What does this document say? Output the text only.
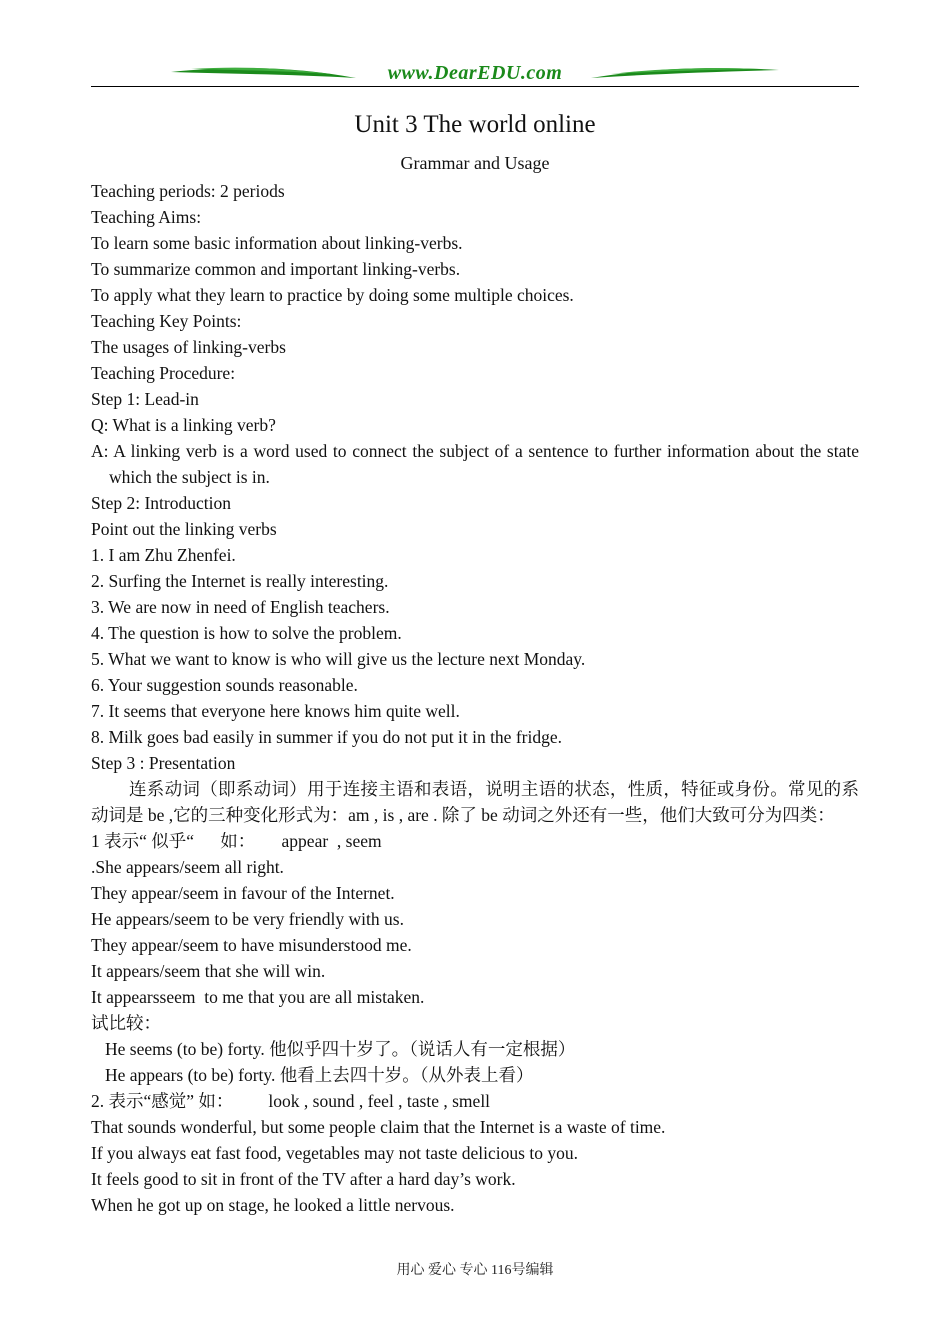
www.DearEDU.com
Unit 3 The world online
Grammar and Usage
Teaching periods: 2 periods
Teaching Aims:
To learn some basic information about linking-verbs.
To summarize common and important linking-verbs.
To apply what they learn to practice by doing some multiple choices.
Teaching Key Points:
The usages of linking-verbs
Teaching Procedure:
Step 1: Lead-in
Q: What is a linking verb?
A: A linking verb is a word used to connect the subject of a sentence to further information about the state which the subject is in.
Step 2: Introduction
Point out the linking verbs
1. I am Zhu Zhenfei.
2. Surfing the Internet is really interesting.
3. We are now in need of English teachers.
4. The question is how to solve the problem.
5. What we want to know is who will give us the lecture next Monday.
6. Your suggestion sounds reasonable.
7. It seems that everyone here knows him quite well.
8. Milk goes bad easily in summer if you do not put it in the fridge.
Step 3 : Presentation
连系动词（即系动词）用于连接主语和表语，说明主语的状态，性质，特征或身份。常见的系动词是 be ,它的三种变化形式为：am , is , are . 除了 be 动词之外还有一些，他们大致可分为四类：
1 表示“ 似乎“      如：      appear  , seem
.She appears/seem all right.
They appear/seem in favour of the Internet.
He appears/seem to be very friendly with us.
They appear/seem to have misunderstood me.
It appears/seem that she will win.
It appearsseem  to me that you are all mistaken.
试比较：
He seems (to be) forty. 他似乎四十岁了。（说话人有一定根据）
He appears (to be) forty. 他看上去四十岁。（从外表上看）
2. 表示“感觉” 如：        look , sound , feel , taste , smell
That sounds wonderful, but some people claim that the Internet is a waste of time.
If you always eat fast food, vegetables may not taste delicious to you.
It feels good to sit in front of the TV after a hard day’s work.
When he got up on stage, he looked a little nervous.
用心 爱心 专心 116号编辑
